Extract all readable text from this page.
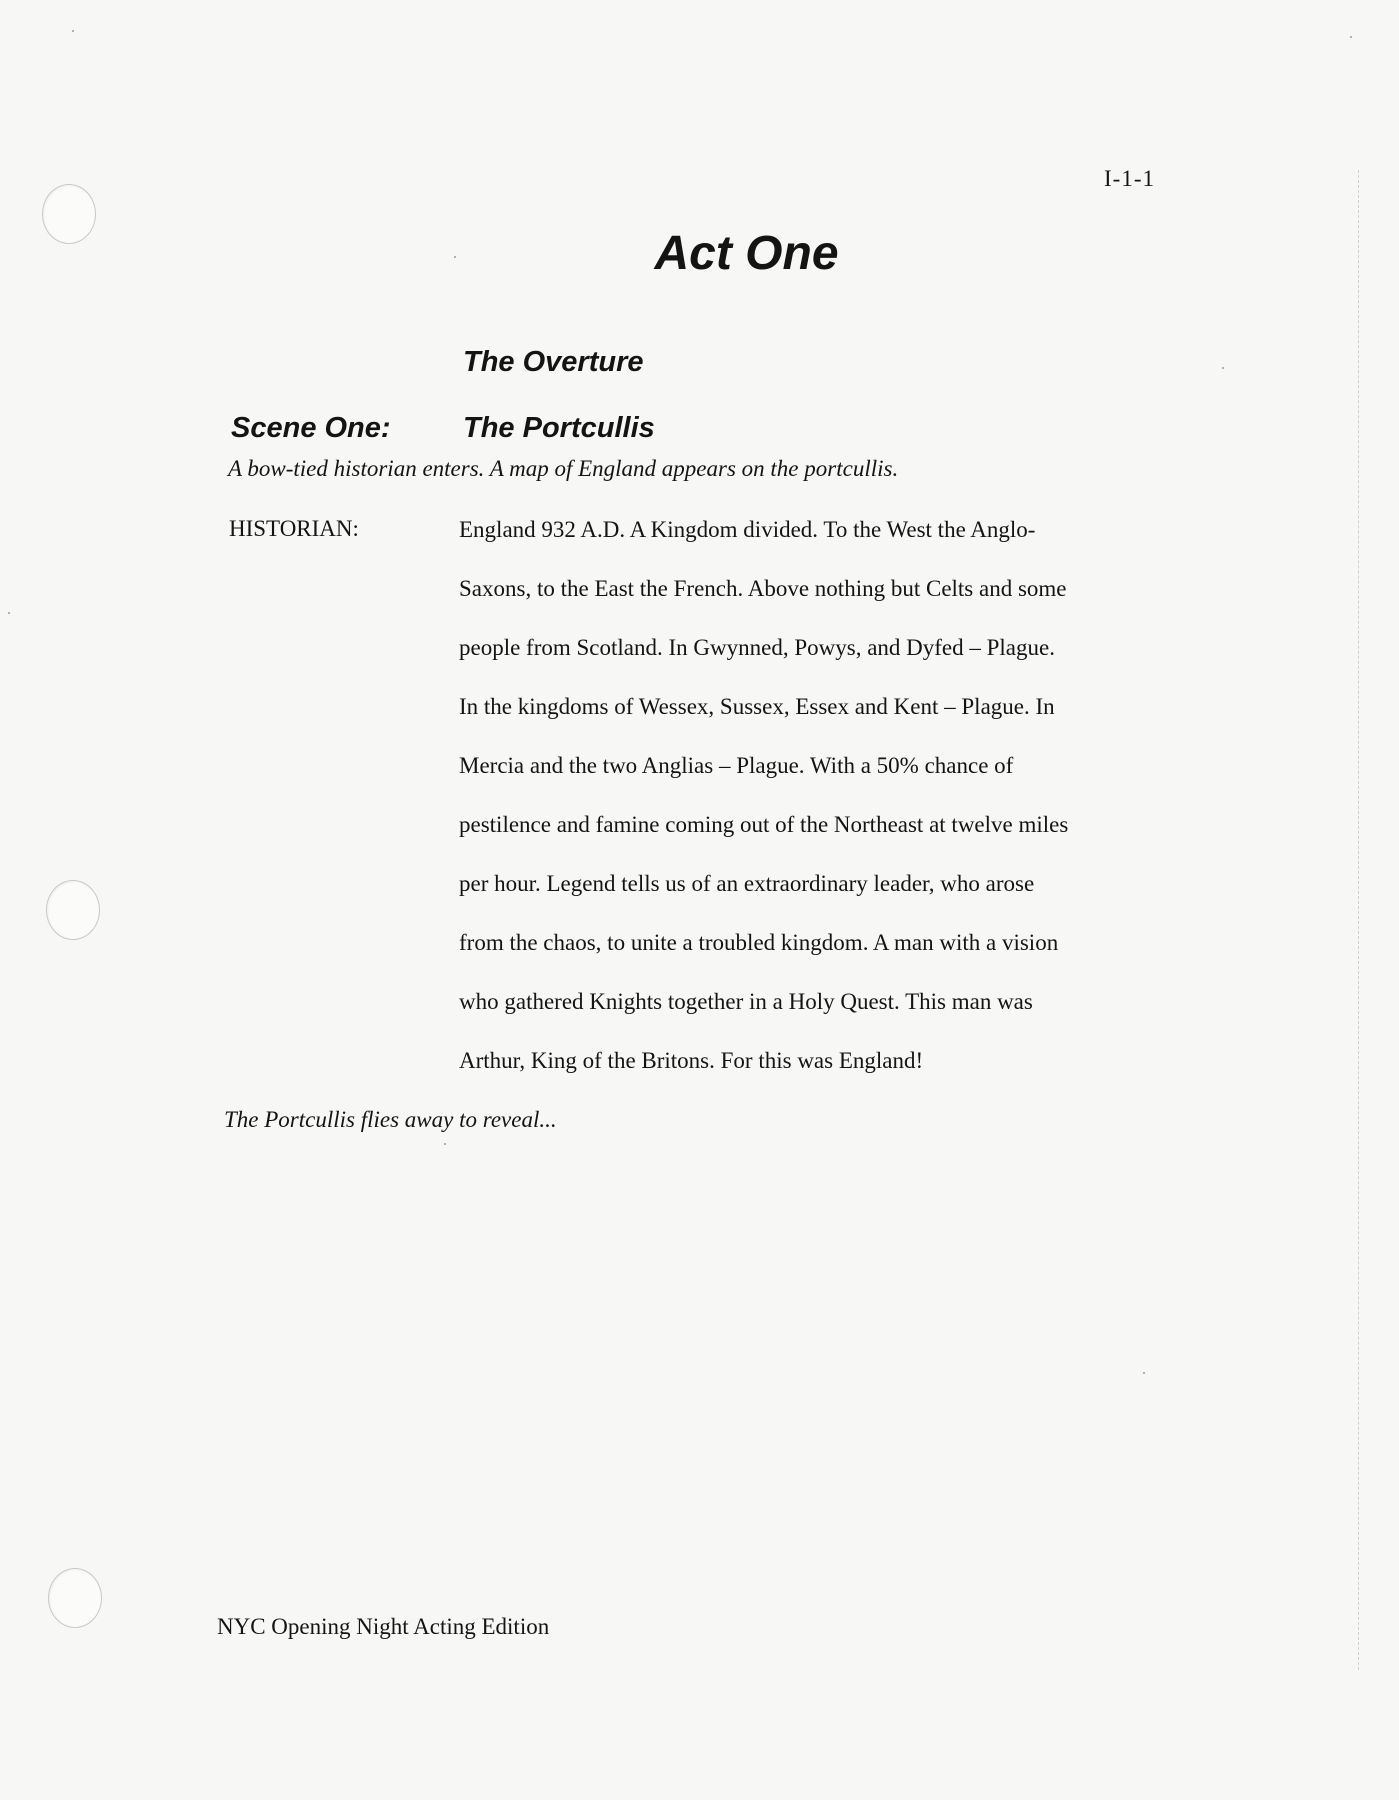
I-1-1
Act One
The Overture
Scene One: The Portcullis
A bow-tied historian enters. A map of England appears on the portcullis.
HISTORIAN:	England 932 A.D. A Kingdom divided. To the West the Anglo-
Saxons, to the East the French. Above nothing but Celts and some
people from Scotland. In Gwynned, Powys, and Dyfed – Plague.
In the kingdoms of Wessex, Sussex, Essex and Kent – Plague. In
Mercia and the two Anglias – Plague. With a 50% chance of
pestilence and famine coming out of the Northeast at twelve miles
per hour. Legend tells us of an extraordinary leader, who arose
from the chaos, to unite a troubled kingdom. A man with a vision
who gathered Knights together in a Holy Quest. This man was
Arthur, King of the Britons. For this was England!
The Portcullis flies away to reveal...
NYC Opening Night Acting Edition
